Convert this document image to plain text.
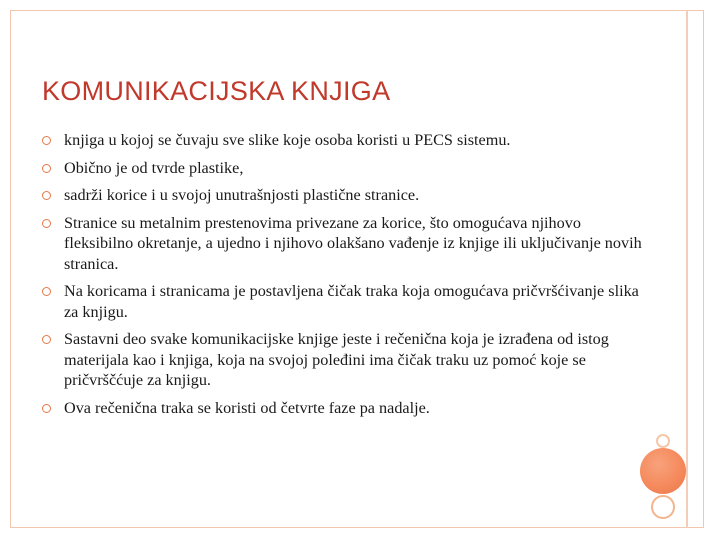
KOMUNIKACIJSKA KNJIGA
knjiga u kojoj se čuvaju sve slike koje osoba koristi u PECS sistemu.
Obično je od tvrde plastike,
sadrži korice i u svojoj unutrašnjosti plastične stranice.
Stranice su metalnim prestenovima privezane za korice, što omogućava njihovo fleksibilno okretanje, a ujedno i njihovo olakšano vađenje iz knjige ili uključivanje novih stranica.
Na koricama i stranicama je postavljena čičak traka koja omogućava pričvršćivanje slika za knjigu.
Sastavni deo svake komunikacijske knjige jeste i rečenična koja je izrađena od istog materijala kao i knjiga, koja na svojoj poleđini ima čičak traku uz pomoć koje se pričvrščćuje za knjigu.
Ova rečenična traka se koristi od četvrte faze pa nadalje.
